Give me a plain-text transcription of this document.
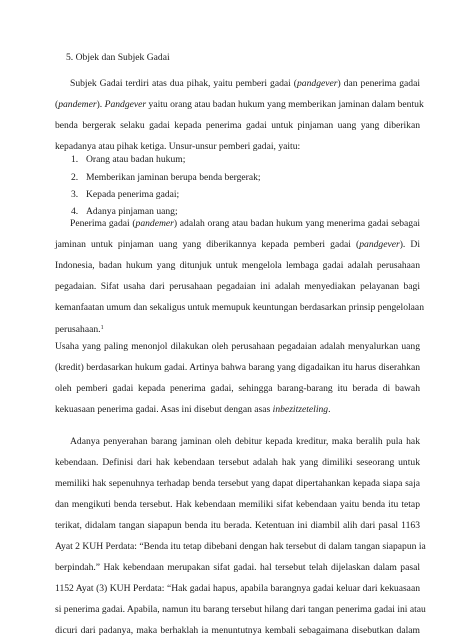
5. Objek dan Subjek Gadai
Subjek Gadai terdiri atas dua pihak, yaitu pemberi gadai (pandgever) dan penerima gadai
(pandemer). Pandgever yaitu orang atau badan hukum yang memberikan jaminan dalam bentuk
benda bergerak selaku gadai kepada penerima gadai untuk pinjaman uang yang diberikan
kepadanya atau pihak ketiga. Unsur-unsur pemberi gadai, yaitu:
1. Orang atau badan hukum;
2. Memberikan jaminan berupa benda bergerak;
3. Kepada penerima gadai;
4. Adanya pinjaman uang;
Penerima gadai (pandemer) adalah orang atau badan hukum yang menerima gadai sebagai
jaminan untuk pinjaman uang yang diberikannya kepada pemberi gadai (pandgever). Di
Indonesia, badan hukum yang ditunjuk untuk mengelola lembaga gadai adalah perusahaan
pegadaian. Sifat usaha dari perusahaan pegadaian ini adalah menyediakan pelayanan bagi
kemanfaatan umum dan sekaligus untuk memupuk keuntungan berdasarkan prinsip pengelolaan
perusahaan.$^1$
Usaha yang paling menonjol dilakukan oleh perusahaan pegadaian adalah menyalurkan uang
(kredit) berdasarkan hukum gadai. Artinya bahwa barang yang digadaikan itu harus diserahkan
oleh pemberi gadai kepada penerima gadai, sehingga barang-barang itu berada di bawah
kekuasaan penerima gadai. Asas ini disebut dengan asas inbezitzeteling.
Adanya penyerahan barang jaminan oleh debitur kepada kreditur, maka beralih pula hak
kebendaan. Definisi dari hak kebendaan tersebut adalah hak yang dimiliki seseorang untuk
memiliki hak sepenuhnya terhadap benda tersebut yang dapat dipertahankan kepada siapa saja
dan mengikuti benda tersebut. Hak kebendaan memiliki sifat kebendaan yaitu benda itu tetap
terikat, didalam tangan siapapun benda itu berada. Ketentuan ini diambil alih dari pasal 1163
Ayat 2 KUH Perdata: “Benda itu tetap dibebani dengan hak tersebut di dalam tangan siapapun ia
berpindah.” Hak kebendaan merupakan sifat gadai. hal tersebut telah dijelaskan dalam pasal
1152 Ayat (3) KUH Perdata: “Hak gadai hapus, apabila barangnya gadai keluar dari kekuasaan
si penerima gadai. Apabila, namun itu barang tersebut hilang dari tangan penerima gadai ini atau
dicuri dari padanya, maka berhaklah ia menuntutnya kembali sebagaimana disebutkan dalam
